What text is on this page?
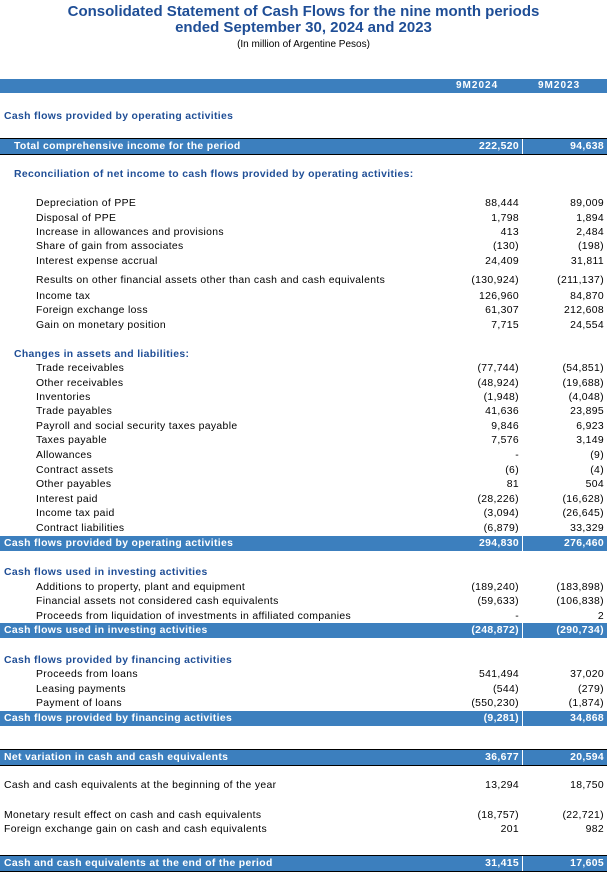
Consolidated Statement of Cash Flows for the nine month periods
ended September 30, 2024 and 2023
(In million of Argentine Pesos)
9M2024	9M2023
Cash flows provided by operating activities
Total comprehensive income for the period	222,520	94,638
Reconciliation of net income to cash flows provided by operating activities:
Depreciation of PPE	88,444	89,009
Disposal of PPE	1,798	1,894
Increase in allowances and provisions	413	2,484
Share of gain from associates	(130)	(198)
Interest expense accrual	24,409	31,811
Results on other financial assets other than cash and cash equivalents	(130,924)	(211,137)
Income tax	126,960	84,870
Foreign exchange loss	61,307	212,608
Gain on monetary position	7,715	24,554
Changes in assets and liabilities:
Trade receivables	(77,744)	(54,851)
Other receivables	(48,924)	(19,688)
Inventories	(1,948)	(4,048)
Trade payables	41,636	23,895
Payroll and social security taxes payable	9,846	6,923
Taxes payable	7,576	3,149
Allowances	-	(9)
Contract assets	(6)	(4)
Other payables	81	504
Interest paid	(28,226)	(16,628)
Income tax paid	(3,094)	(26,645)
Contract liabilities	(6,879)	33,329
Cash flows provided by operating activities	294,830	276,460
Cash flows used in investing activities
Additions to property, plant and equipment	(189,240)	(183,898)
Financial assets not considered cash equivalents	(59,633)	(106,838)
Proceeds from liquidation of investments in affiliated companies	-	2
Cash flows used in investing activities	(248,872)	(290,734)
Cash flows provided by financing activities
Proceeds from loans	541,494	37,020
Leasing payments	(544)	(279)
Payment of loans	(550,230)	(1,874)
Cash flows provided by financing activities	(9,281)	34,868
Net variation in cash and cash equivalents	36,677	20,594
Cash and cash equivalents at the beginning of the year	13,294	18,750
Monetary result effect on cash and cash equivalents	(18,757)	(22,721)
Foreign exchange gain on cash and cash equivalents	201	982
Cash and cash equivalents at the end of the period	31,415	17,605
